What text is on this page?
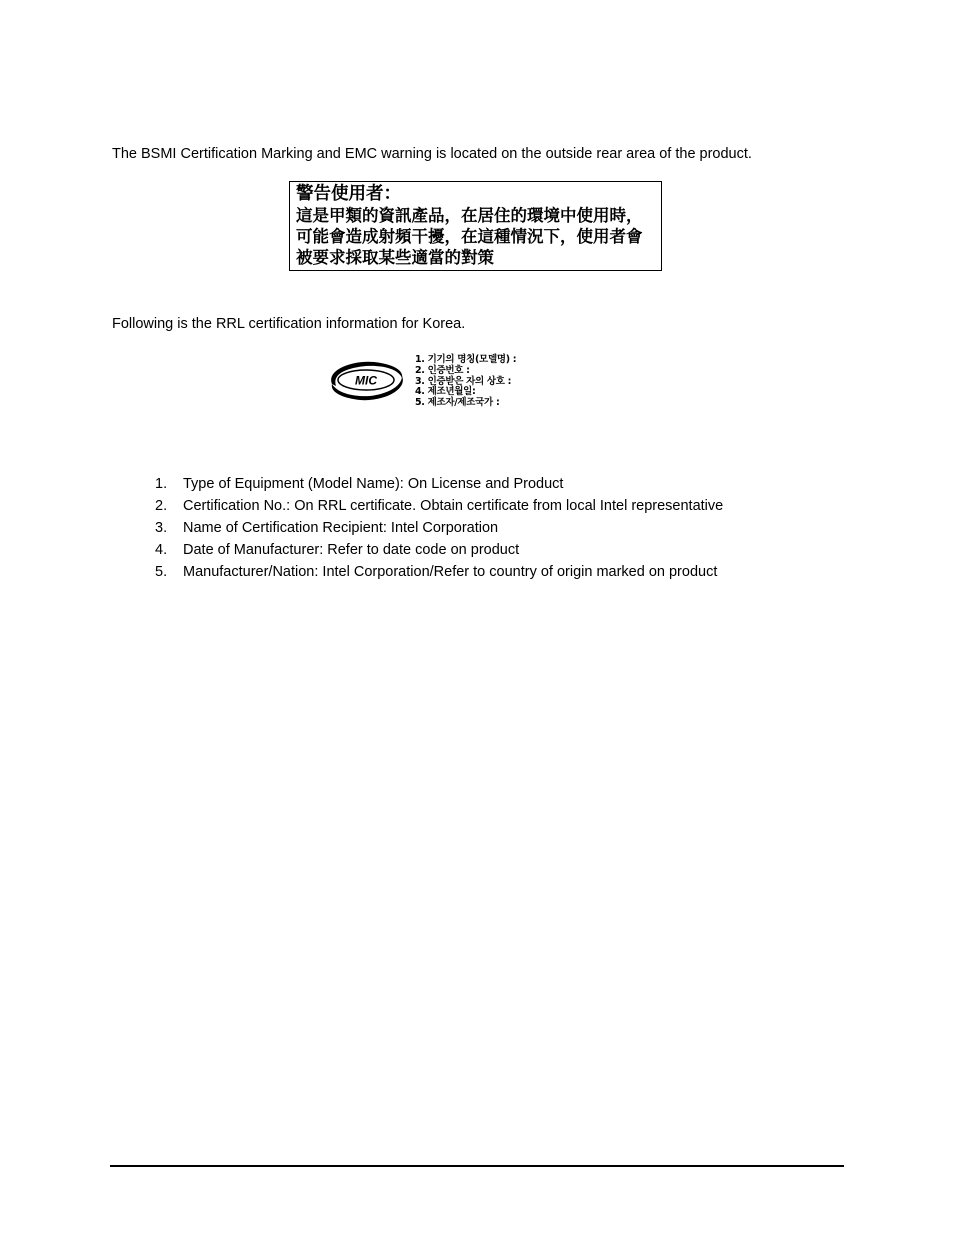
The BSMI Certification Marking and EMC warning is located on the outside rear area of the product.
警告使用者：
這是甲類的資訊產品，在居住的環境中使用時，
可能會造成射頻干擾，在這種情況下，使用者會
被要求採取某些適當的對策
Following is the RRL certification information for Korea.
MIC
1. 기기의 명칭(모델명) :
2. 인증번호 :
3. 인증받은 자의 상호 :
4. 제조년월일:
5. 제조자/제조국가 :
1. Type of Equipment (Model Name): On License and Product
2. Certification No.: On RRL certificate. Obtain certificate from local Intel representative
3. Name of Certification Recipient: Intel Corporation
4. Date of Manufacturer: Refer to date code on product
5. Manufacturer/Nation: Intel Corporation/Refer to country of origin marked on product
